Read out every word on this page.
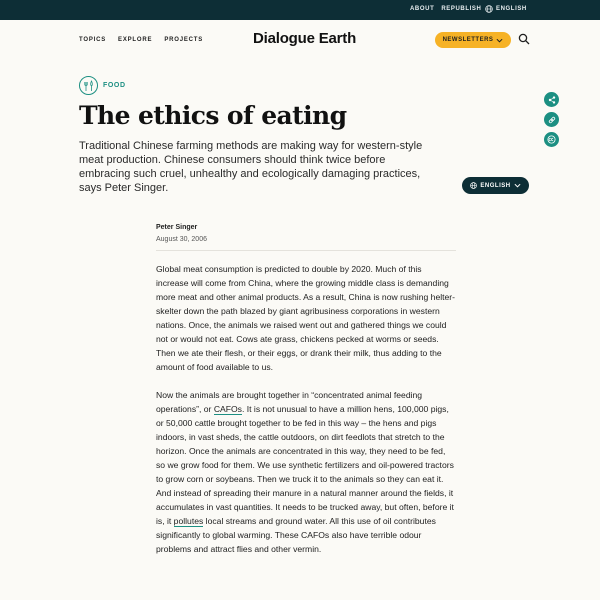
ABOUT REPUBLISH ENGLISH
TOPICS EXPLORE PROJECTS	Dialogue Earth	NEWSLETTERS
FOOD
The ethics of eating

Traditional Chinese farming methods are making way for western-style meat production. Chinese consumers should think twice before embracing such cruel, unhealthy and ecologically damaging practices, says Peter Singer.	ENGLISH
Peter Singer
August 30, 2006

Global meat consumption is predicted to double by 2020. Much of this increase will come from China, where the growing middle class is demanding more meat and other animal products. As a result, China is now rushing helter-skelter down the path blazed by giant agribusiness corporations in western nations. Once, the animals we raised went out and gathered things we could not or would not eat. Cows ate grass, chickens pecked at worms or seeds. Then we ate their flesh, or their eggs, or drank their milk, thus adding to the amount of food available to us.

Now the animals are brought together in “concentrated animal feeding operations”, or CAFOs. It is not unusual to have a million hens, 100,000 pigs, or 50,000 cattle brought together to be fed in this way – the hens and pigs indoors, in vast sheds, the cattle outdoors, on dirt feedlots that stretch to the horizon. Once the animals are concentrated in this way, they need to be fed, so we grow food for them. We use synthetic fertilizers and oil-powered tractors to grow corn or soybeans. Then we truck it to the animals so they can eat it. And instead of spreading their manure in a natural manner around the fields, it accumulates in vast quantities. It needs to be trucked away, but often, before it is, it pollutes local streams and ground water. All this use of oil contributes significantly to global warming. These CAFOs also have terrible odour problems and attract flies and other vermin.
